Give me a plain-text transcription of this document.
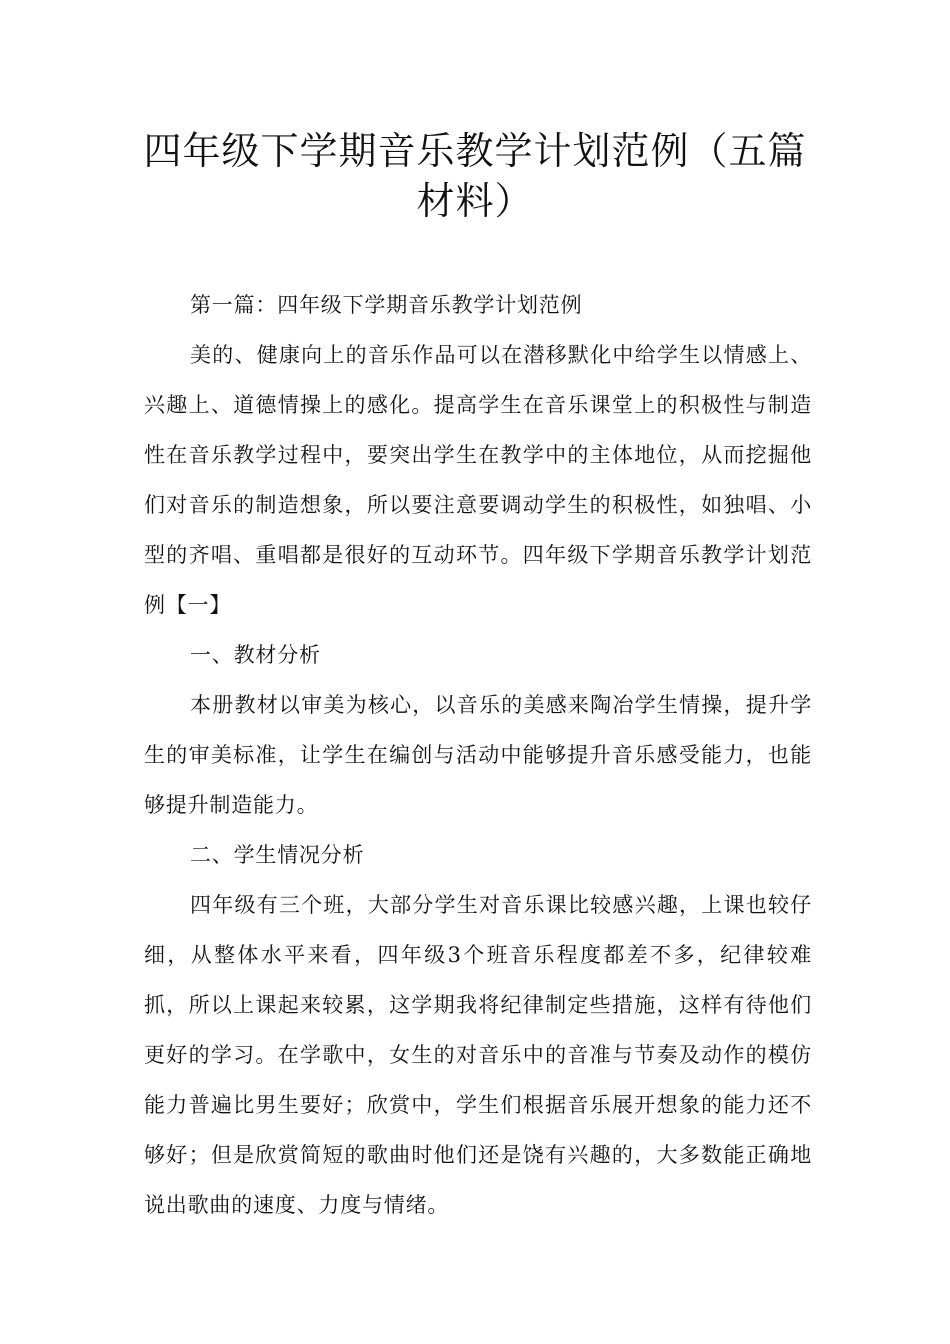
四年级下学期音乐教学计划范例（五篇材料）

第一篇：四年级下学期音乐教学计划范例

美的、健康向上的音乐作品可以在潜移默化中给学生以情感上、兴趣上、道德情操上的感化。提高学生在音乐课堂上的积极性与制造性在音乐教学过程中，要突出学生在教学中的主体地位，从而挖掘他们对音乐的制造想象，所以要注意要调动学生的积极性，如独唱、小型的齐唱、重唱都是很好的互动环节。四年级下学期音乐教学计划范例【一】

一、教材分析

本册教材以审美为核心，以音乐的美感来陶冶学生情操，提升学生的审美标准，让学生在编创与活动中能够提升音乐感受能力，也能够提升制造能力。

二、学生情况分析

四年级有三个班，大部分学生对音乐课比较感兴趣，上课也较仔细，从整体水平来看，四年级3个班音乐程度都差不多，纪律较难抓，所以上课起来较累，这学期我将纪律制定些措施，这样有待他们更好的学习。在学歌中，女生的对音乐中的音准与节奏及动作的模仿能力普遍比男生要好；欣赏中，学生们根据音乐展开想象的能力还不够好；但是欣赏简短的歌曲时他们还是饶有兴趣的，大多数能正确地说出歌曲的速度、力度与情绪。
